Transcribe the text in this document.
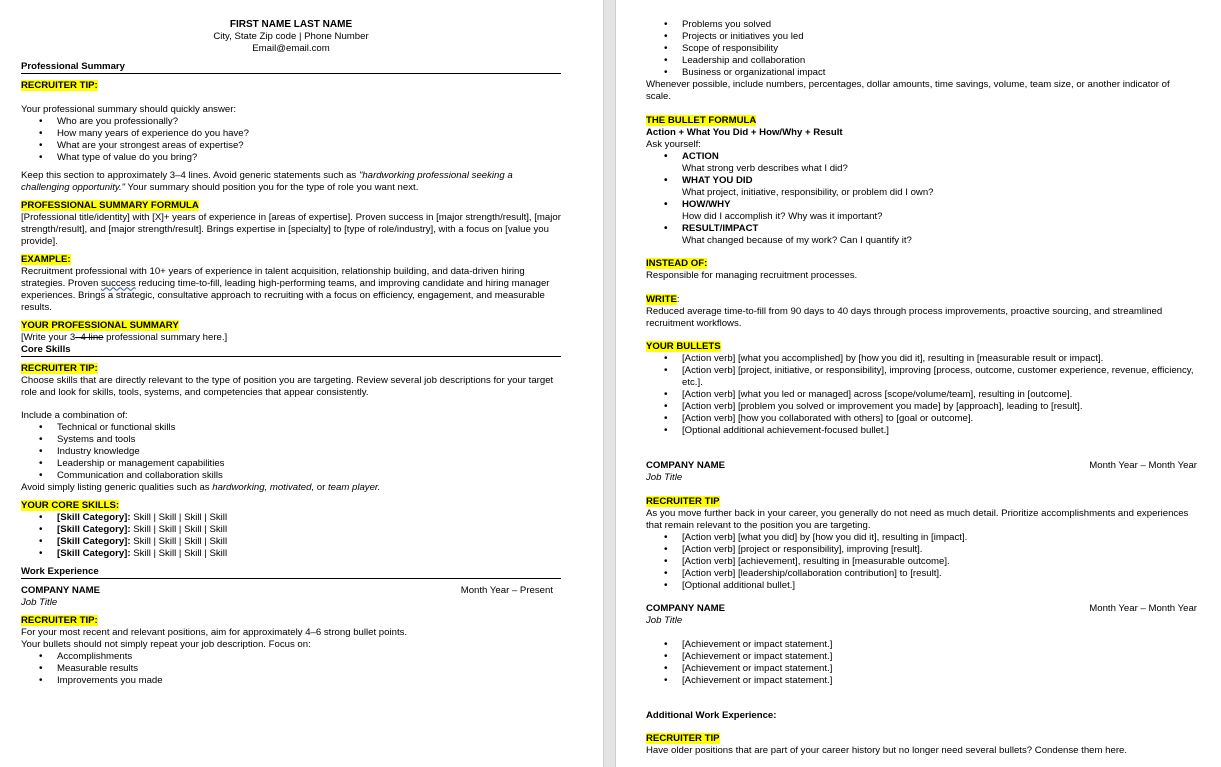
FIRST NAME LAST NAME
City, State Zip code | Phone Number
Email@email.com
Professional Summary
RECRUITER TIP:
Your professional summary should quickly answer:
• Who are you professionally?
• How many years of experience do you have?
• What are your strongest areas of expertise?
• What type of value do you bring?
Keep this section to approximately 3–4 lines. Avoid generic statements such as "hardworking professional seeking a challenging opportunity." Your summary should position you for the type of role you want next.
PROFESSIONAL SUMMARY FORMULA
[Professional title/identity] with [X]+ years of experience in [areas of expertise]. Proven success in [major strength/result], [major strength/result], and [major strength/result]. Brings expertise in [specialty] to [type of role/industry], with a focus on [value you provide].
EXAMPLE:
Recruitment professional with 10+ years of experience in talent acquisition, relationship building, and data-driven hiring strategies. Proven success reducing time-to-fill, leading high-performing teams, and improving candidate and hiring manager experiences. Brings a strategic, consultative approach to recruiting with a focus on efficiency, engagement, and measurable results.
YOUR PROFESSIONAL SUMMARY
[Write your 3–4 line professional summary here.]
Core Skills
RECRUITER TIP:
Choose skills that are directly relevant to the type of position you are targeting. Review several job descriptions for your target role and look for skills, tools, systems, and competencies that appear consistently.
Include a combination of:
• Technical or functional skills
• Systems and tools
• Industry knowledge
• Leadership or management capabilities
• Communication and collaboration skills
Avoid simply listing generic qualities such as hardworking, motivated, or team player.
YOUR CORE SKILLS:
• [Skill Category]: Skill | Skill | Skill | Skill
• [Skill Category]: Skill | Skill | Skill | Skill
• [Skill Category]: Skill | Skill | Skill | Skill
• [Skill Category]: Skill | Skill | Skill | Skill
Work Experience
COMPANY NAME	Month Year – Present
Job Title
RECRUITER TIP:
For your most recent and relevant positions, aim for approximately 4–6 strong bullet points.
Your bullets should not simply repeat your job description. Focus on:
• Accomplishments
• Measurable results
• Improvements you made
• Problems you solved
• Projects or initiatives you led
• Scope of responsibility
• Leadership and collaboration
• Business or organizational impact
Whenever possible, include numbers, percentages, dollar amounts, time savings, volume, team size, or another indicator of scale.
THE BULLET FORMULA
Action + What You Did + How/Why + Result
Ask yourself:
• ACTION
What strong verb describes what I did?
• WHAT YOU DID
What project, initiative, responsibility, or problem did I own?
• HOW/WHY
How did I accomplish it? Why was it important?
• RESULT/IMPACT
What changed because of my work? Can I quantify it?
INSTEAD OF:
Responsible for managing recruitment processes.
WRITE:
Reduced average time-to-fill from 90 days to 40 days through process improvements, proactive sourcing, and streamlined recruitment workflows.
YOUR BULLETS
• [Action verb] [what you accomplished] by [how you did it], resulting in [measurable result or impact].
• [Action verb] [project, initiative, or responsibility], improving [process, outcome, customer experience, revenue, efficiency, etc.].
• [Action verb] [what you led or managed] across [scope/volume/team], resulting in [outcome].
• [Action verb] [problem you solved or improvement you made] by [approach], leading to [result].
• [Action verb] [how you collaborated with others] to [goal or outcome].
• [Optional additional achievement-focused bullet.]
COMPANY NAME	Month Year – Month Year
Job Title
RECRUITER TIP
As you move further back in your career, you generally do not need as much detail. Prioritize accomplishments and experiences that remain relevant to the position you are targeting.
• [Action verb] [what you did] by [how you did it], resulting in [impact].
• [Action verb] [project or responsibility], improving [result].
• [Action verb] [achievement], resulting in [measurable outcome].
• [Action verb] [leadership/collaboration contribution] to [result].
• [Optional additional bullet.]
COMPANY NAME	Month Year – Month Year
Job Title
• [Achievement or impact statement.]
• [Achievement or impact statement.]
• [Achievement or impact statement.]
• [Achievement or impact statement.]
Additional Work Experience:
RECRUITER TIP
Have older positions that are part of your career history but no longer need several bullets? Condense them here.
